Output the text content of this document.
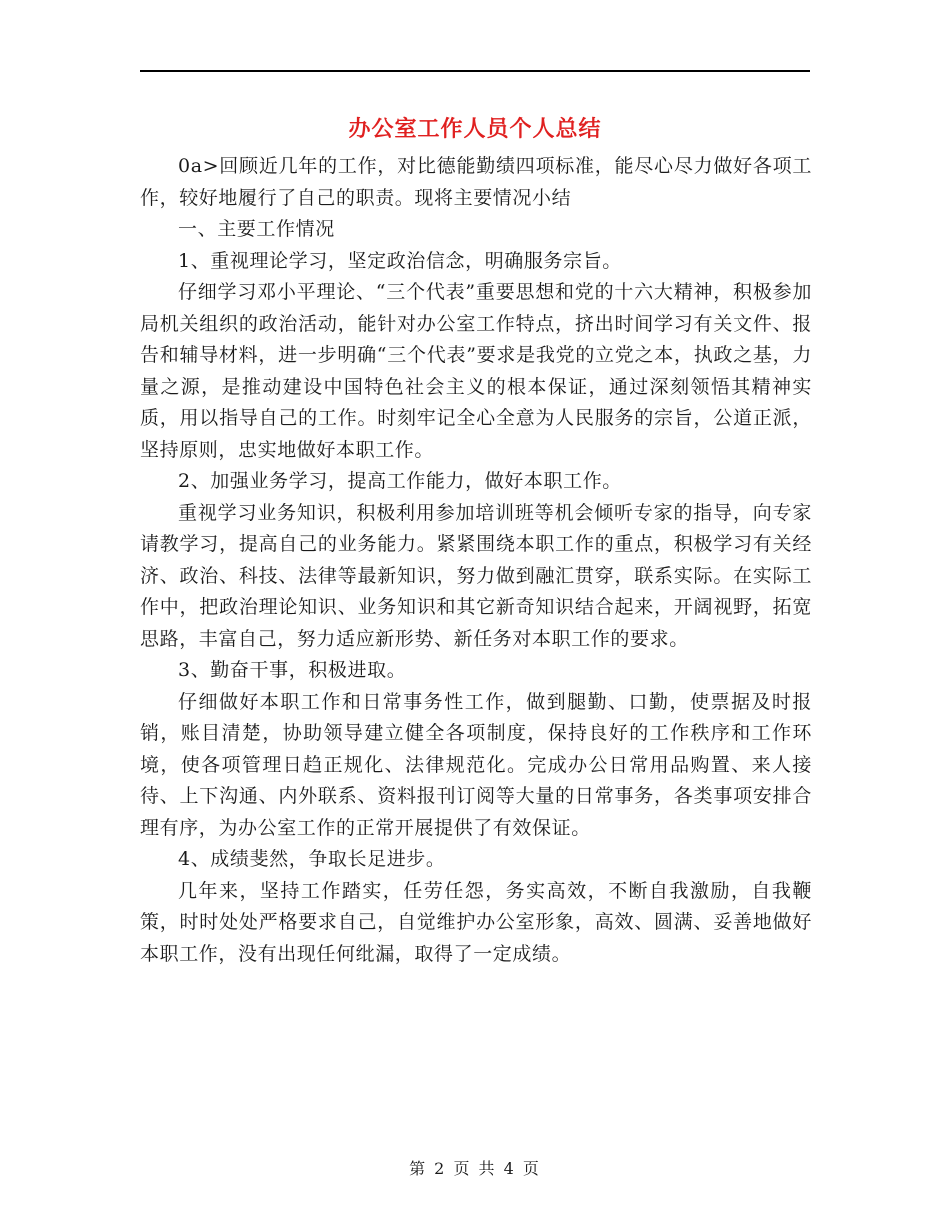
办公室工作人员个人总结

0a>回顾近几年的工作，对比德能勤绩四项标准，能尽心尽力做好各项工作，较好地履行了自己的职责。现将主要情况小结

一、主要工作情况

1、重视理论学习，坚定政治信念，明确服务宗旨。

仔细学习邓小平理论、“三个代表”重要思想和党的十六大精神，积极参加局机关组织的政治活动，能针对办公室工作特点，挤出时间学习有关文件、报告和辅导材料，进一步明确“三个代表”要求是我党的立党之本，执政之基，力量之源，是推动建设中国特色社会主义的根本保证，通过深刻领悟其精神实质，用以指导自己的工作。时刻牢记全心全意为人民服务的宗旨，公道正派，坚持原则，忠实地做好本职工作。

2、加强业务学习，提高工作能力，做好本职工作。

重视学习业务知识，积极利用参加培训班等机会倾听专家的指导，向专家请教学习，提高自己的业务能力。紧紧围绕本职工作的重点，积极学习有关经济、政治、科技、法律等最新知识，努力做到融汇贯穿，联系实际。在实际工作中，把政治理论知识、业务知识和其它新奇知识结合起来，开阔视野，拓宽思路，丰富自己，努力适应新形势、新任务对本职工作的要求。

3、勤奋干事，积极进取。

仔细做好本职工作和日常事务性工作，做到腿勤、口勤，使票据及时报销，账目清楚，协助领导建立健全各项制度，保持良好的工作秩序和工作环境，使各项管理日趋正规化、法律规范化。完成办公日常用品购置、来人接待、上下沟通、内外联系、资料报刊订阅等大量的日常事务，各类事项安排合理有序，为办公室工作的正常开展提供了有效保证。

4、成绩斐然，争取长足进步。

几年来，坚持工作踏实，任劳任怨，务实高效，不断自我激励，自我鞭策，时时处处严格要求自己，自觉维护办公室形象，高效、圆满、妥善地做好本职工作，没有出现任何纰漏，取得了一定成绩。

第 2 页 共 4 页
